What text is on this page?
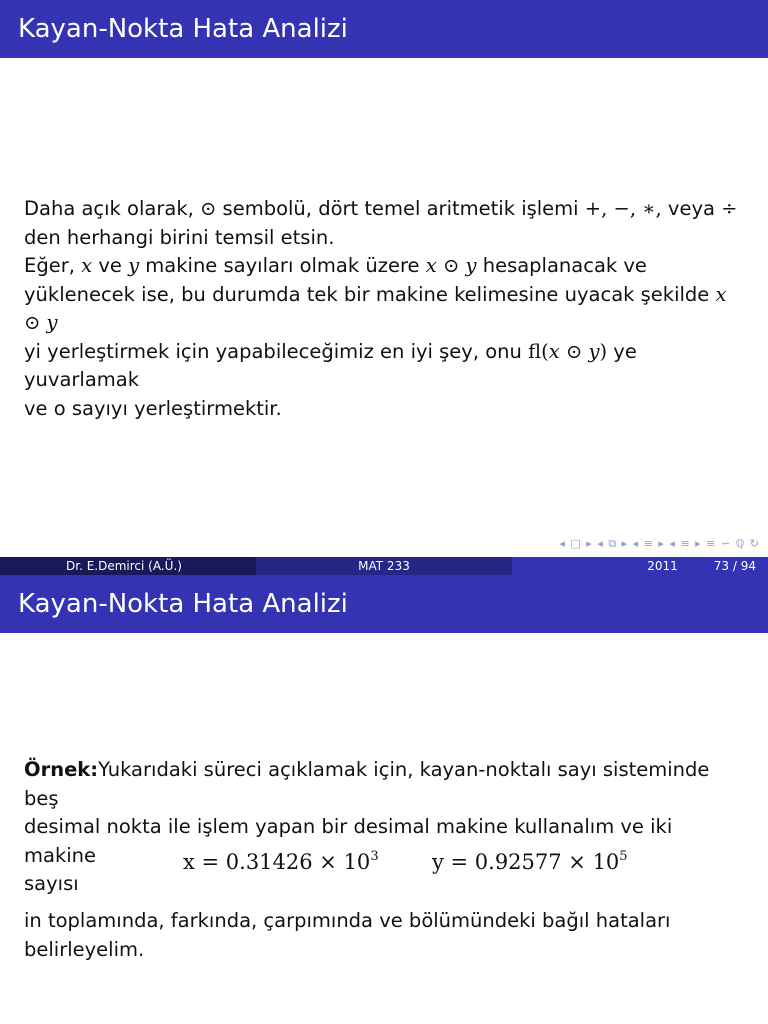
Kayan-Nokta Hata Analizi

Daha açık olarak, ⊙ sembolü, dört temel aritmetik işlemi +, −, ∗, veya ÷

den herhangi birini temsil etsin.

Eğer, x ve y makine sayıları olmak üzere x ⊙ y hesaplanacak ve

yüklenecek ise, bu durumda tek bir makine kelimesine uyacak şekilde x ⊙ y

yi yerleştirmek için yapabileceğimiz en iyi şey, onu fl(x ⊙ y) ye yuvarlamak

ve o sayıyı yerleştirmektir.

◂ □ ▸ ◂ ⧉ ▸ ◂ ≡ ▸ ◂ ≡ ▸ ≡ ∽ ℚ ↻
Dr. E.Demirci (A.Ü.)	MAT 233	2011	73 / 94
Kayan-Nokta Hata Analizi

Örnek:Yukarıdaki süreci açıklamak için, kayan-noktalı sayı sisteminde beş

desimal nokta ile işlem yapan bir desimal makine kullanalım ve iki makine

sayısı

$x = 0.31426 \times 10^3$	$y = 0.92577 \times 10^5$

in toplamında, farkında, çarpımında ve bölümündeki bağıl hataları

belirleyelim.
